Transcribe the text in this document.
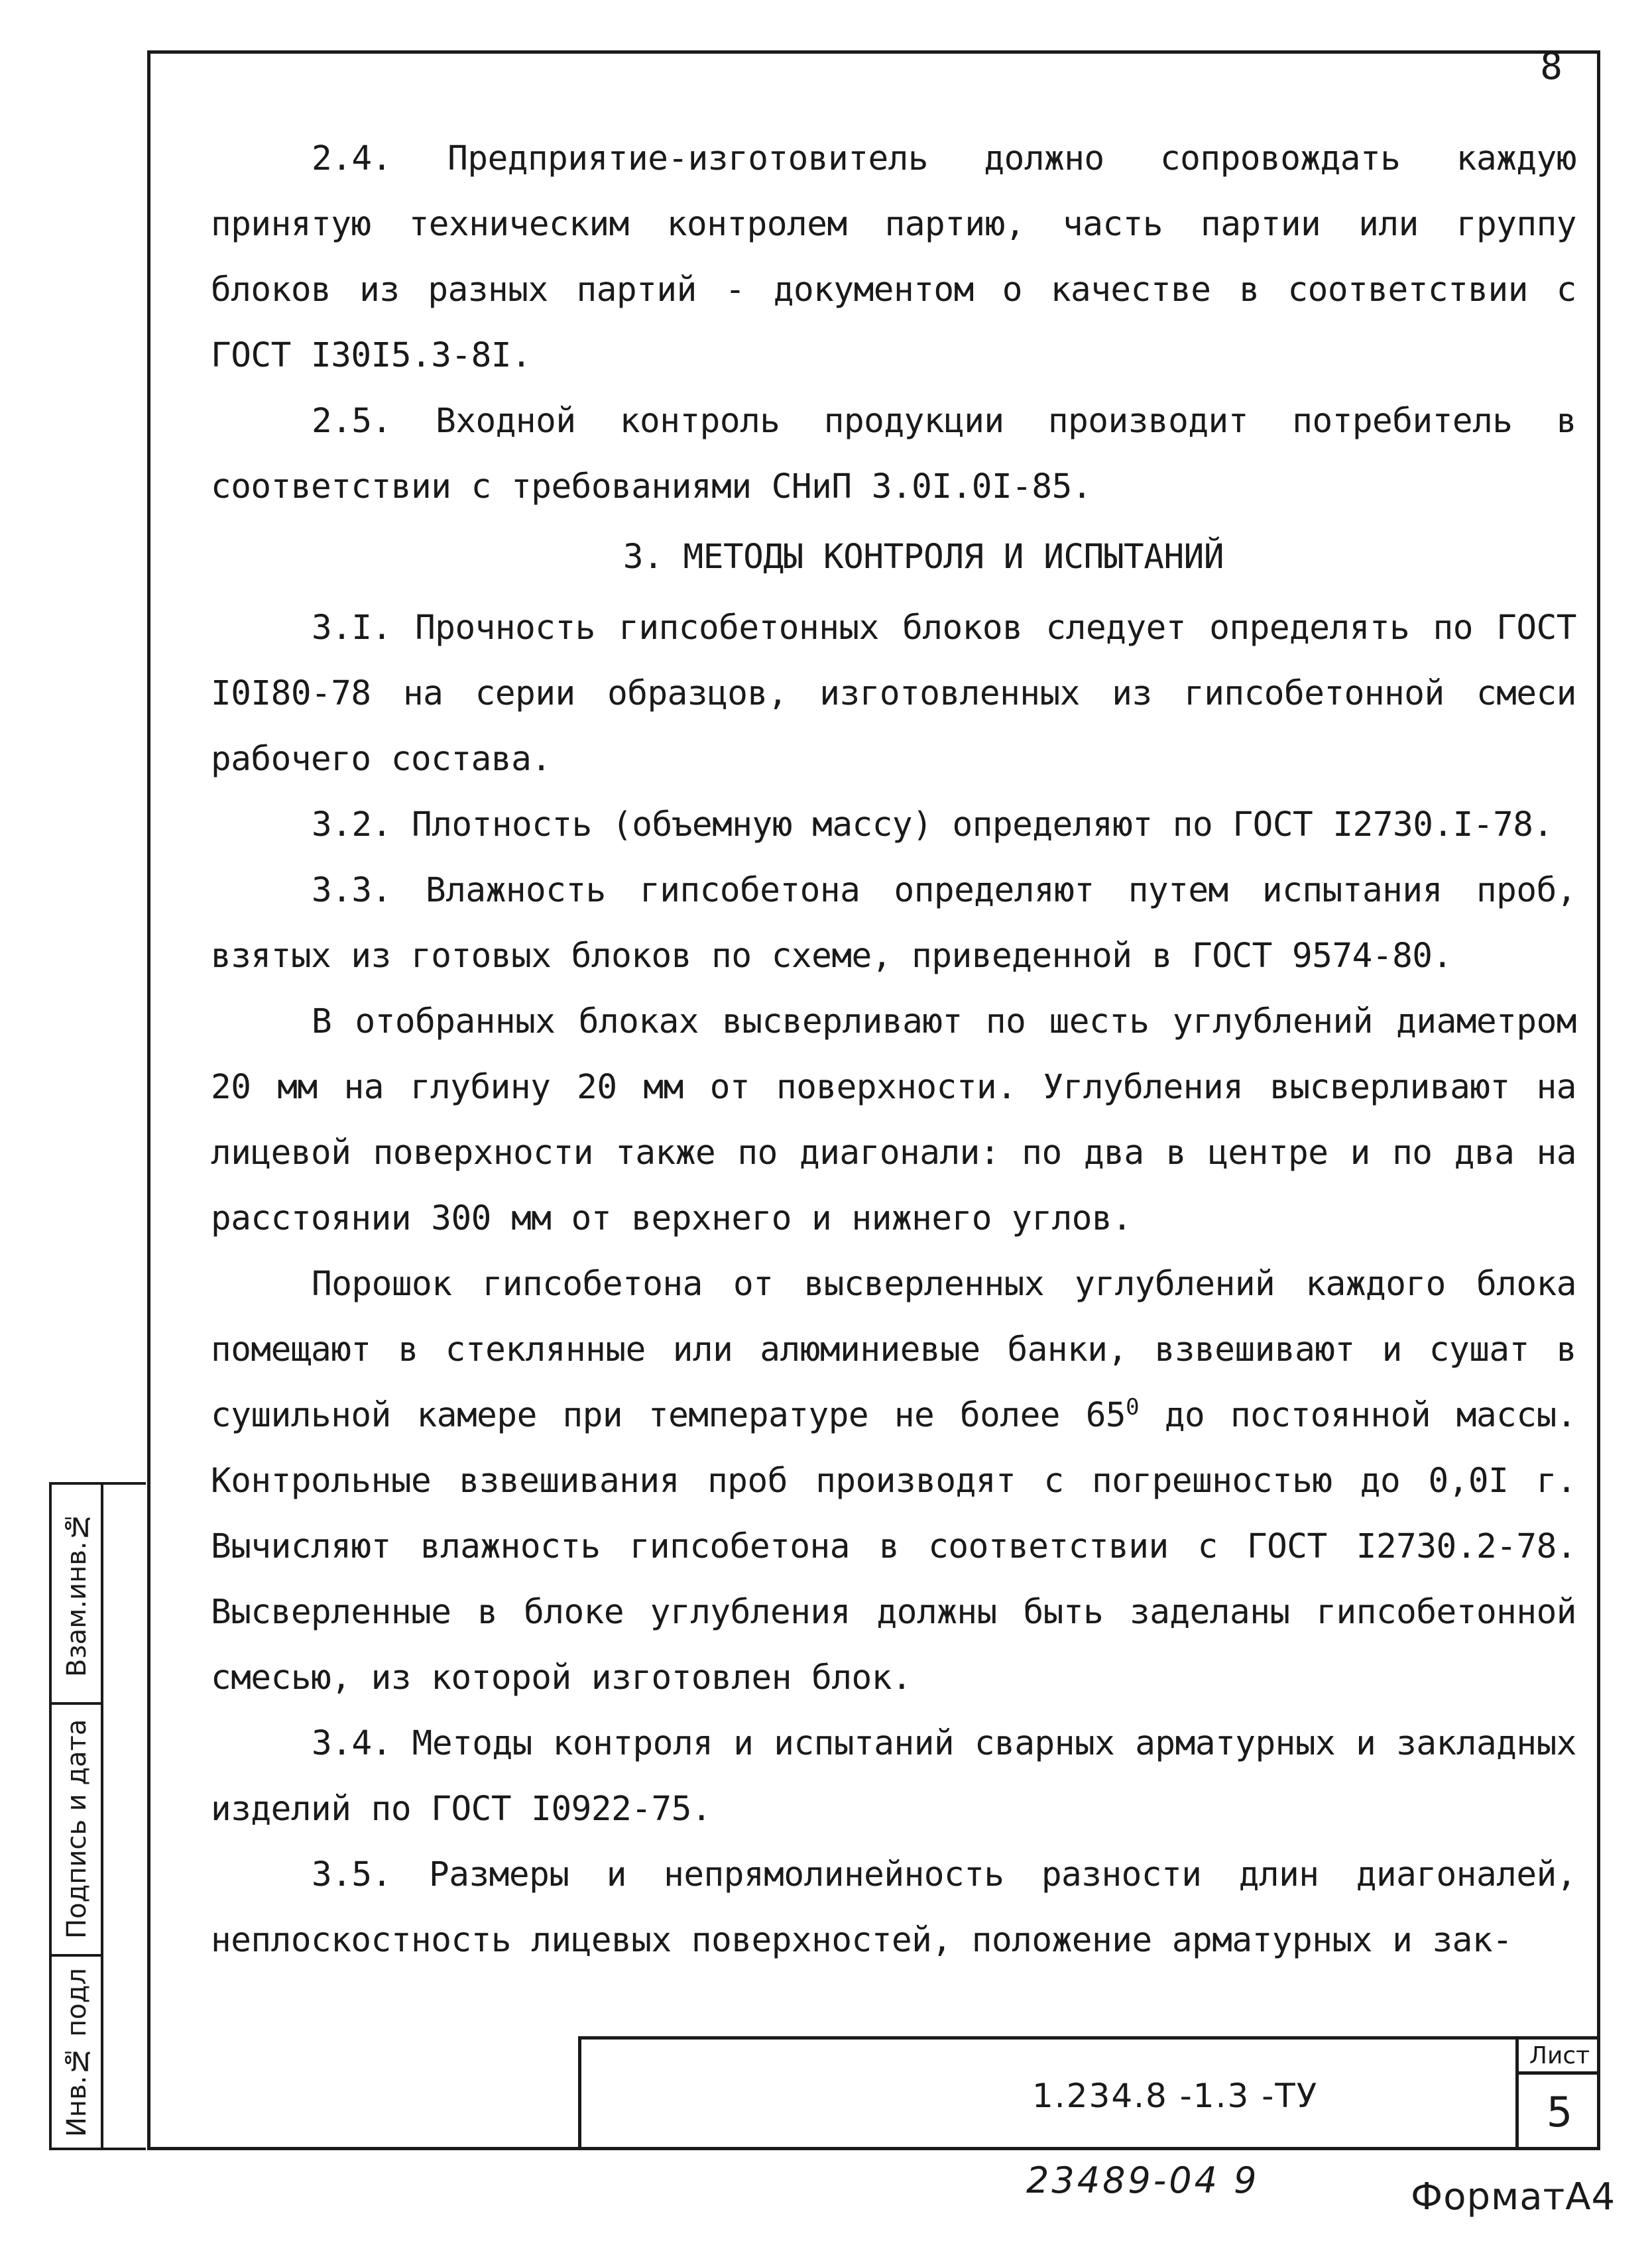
8

2.4. Предприятие-изготовитель должно сопровождать каждую принятую техническим контролем партию, часть партии или группу блоков из разных партий - документом о качестве в соответствии с ГОСТ I30I5.3-8I.

2.5. Входной контроль продукции производит потребитель в соответствии с требованиями СНиП 3.0I.0I-85.

3. МЕТОДЫ КОНТРОЛЯ И ИСПЫТАНИЙ

3.I. Прочность гипсобетонных блоков следует определять по ГОСТ I0I80-78 на серии образцов, изготовленных из гипсобетонной смеси рабочего состава.

3.2. Плотность (объемную массу) определяют по ГОСТ I2730.I-78.

3.3. Влажность гипсобетона определяют путем испытания проб, взятых из готовых блоков по схеме, приведенной в ГОСТ 9574-80.

В отобранных блоках высверливают по шесть углублений диаметром 20 мм на глубину 20 мм от поверхности. Углубления высверливают на лицевой поверхности также по диагонали: по два в центре и по два на расстоянии 300 мм от верхнего и нижнего углов.

Порошок гипсобетона от высверленных углублений каждого блока помещают в стеклянные или алюминиевые банки, взвешивают и сушат в сушильной камере при температуре не более $65^0$ до постоянной массы. Контрольные взвешивания проб производят с погрешностью до 0,0I г. Вычисляют влажность гипсобетона в соответствии с ГОСТ I2730.2-78. Высверленные в блоке углубления должны быть заделаны гипсобетонной смесью, из которой изготовлен блок.

3.4. Методы контроля и испытаний сварных арматурных и закладных изделий по ГОСТ I0922-75.

3.5. Размеры и непрямолинейность разности длин диагоналей, неплоскостность лицевых поверхностей, положение арматурных и зак-

Взам.инв.№
Подпись и дата
Инв.№ подл	1.234.8 -1.3 -ТУ
Лист
5
23489-04 9	ФорматА4
